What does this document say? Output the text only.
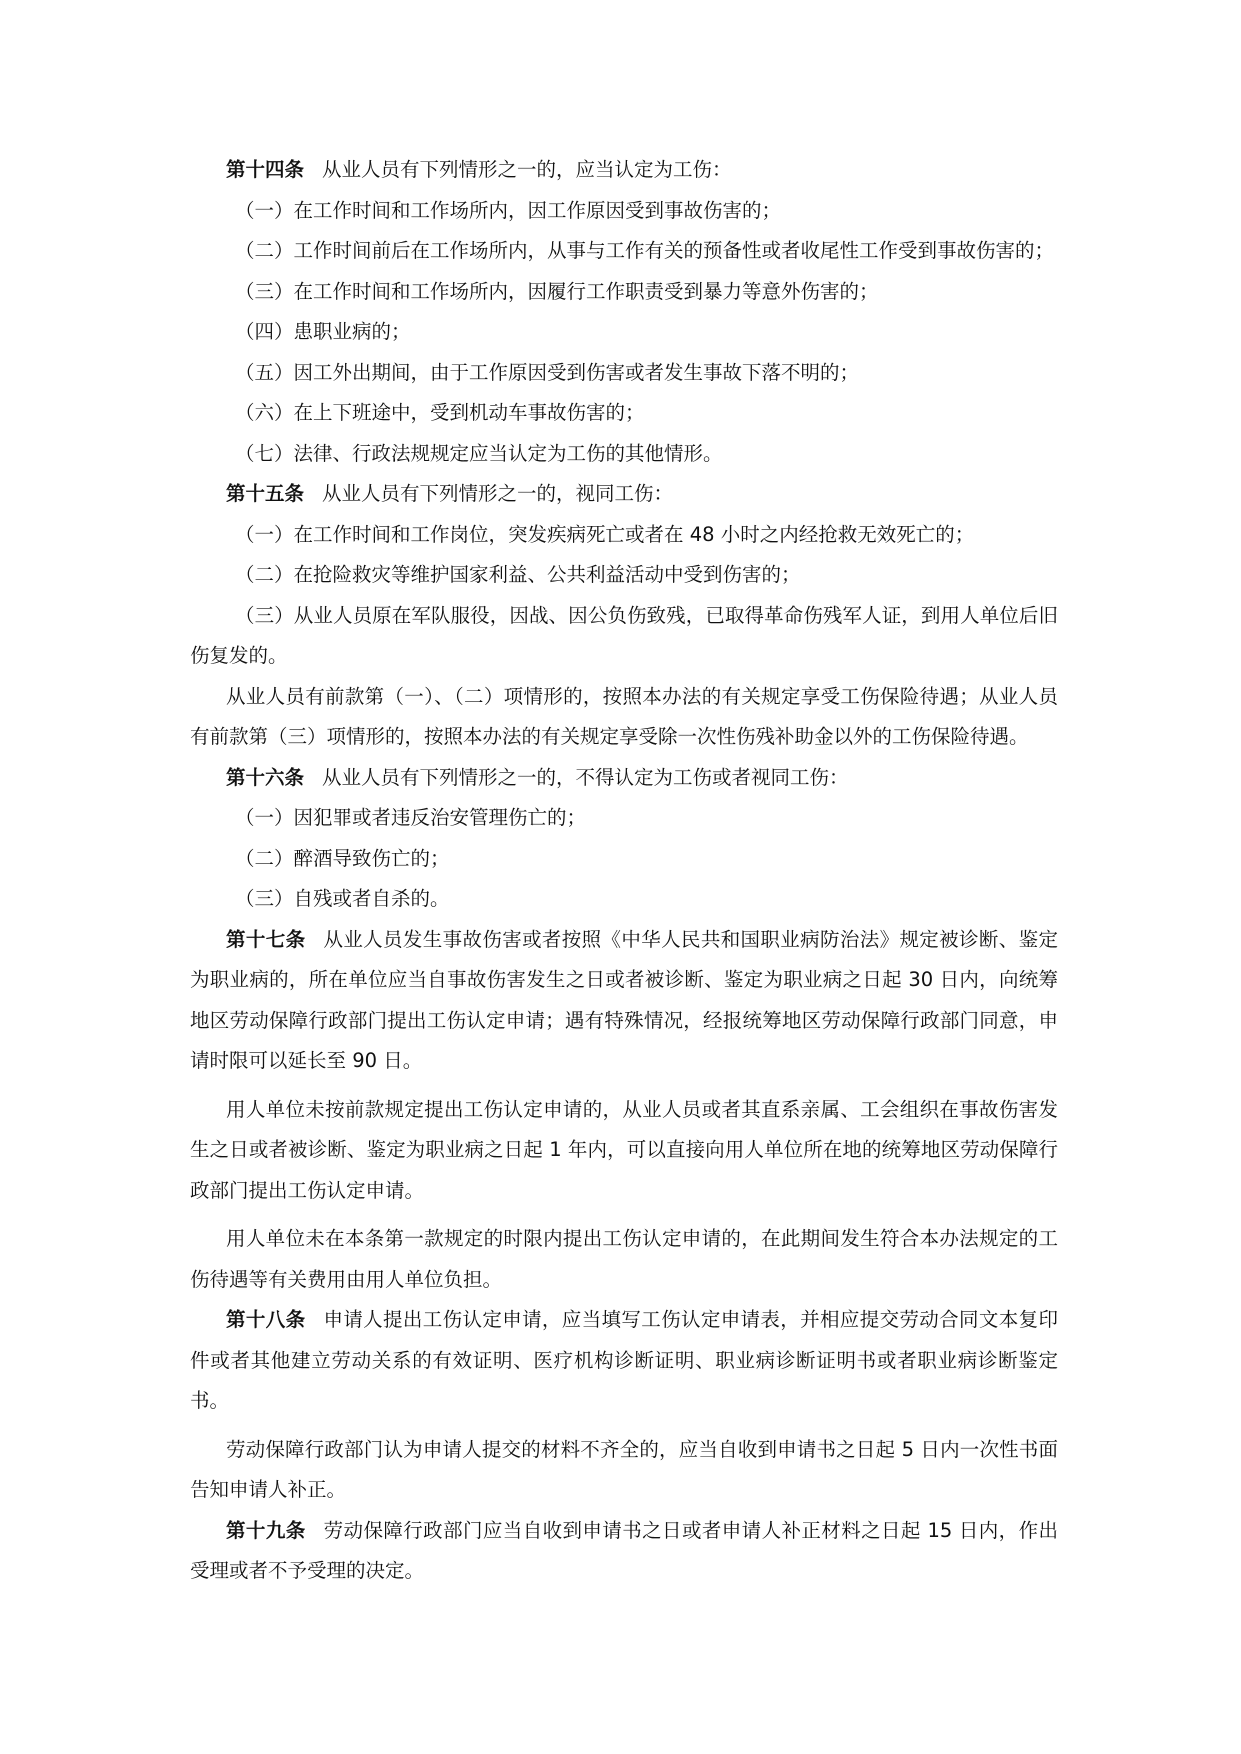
第十四条 从业人员有下列情形之一的，应当认定为工伤：

（一）在工作时间和工作场所内，因工作原因受到事故伤害的；

（二）工作时间前后在工作场所内，从事与工作有关的预备性或者收尾性工作受到事故伤害的；

（三）在工作时间和工作场所内，因履行工作职责受到暴力等意外伤害的；

（四）患职业病的；

（五）因工外出期间，由于工作原因受到伤害或者发生事故下落不明的；

（六）在上下班途中，受到机动车事故伤害的；

（七）法律、行政法规规定应当认定为工伤的其他情形。

第十五条 从业人员有下列情形之一的，视同工伤：

（一）在工作时间和工作岗位，突发疾病死亡或者在 48 小时之内经抢救无效死亡的；

（二）在抢险救灾等维护国家利益、公共利益活动中受到伤害的；

（三）从业人员原在军队服役，因战、因公负伤致残，已取得革命伤残军人证，到用人单位后旧伤复发的。

从业人员有前款第（一）、（二）项情形的，按照本办法的有关规定享受工伤保险待遇；从业人员有前款第（三）项情形的，按照本办法的有关规定享受除一次性伤残补助金以外的工伤保险待遇。

第十六条 从业人员有下列情形之一的，不得认定为工伤或者视同工伤：

（一）因犯罪或者违反治安管理伤亡的；

（二）醉酒导致伤亡的；

（三）自残或者自杀的。

第十七条 从业人员发生事故伤害或者按照《中华人民共和国职业病防治法》规定被诊断、鉴定为职业病的，所在单位应当自事故伤害发生之日或者被诊断、鉴定为职业病之日起 30 日内，向统筹地区劳动保障行政部门提出工伤认定申请；遇有特殊情况，经报统筹地区劳动保障行政部门同意，申请时限可以延长至 90 日。

用人单位未按前款规定提出工伤认定申请的，从业人员或者其直系亲属、工会组织在事故伤害发生之日或者被诊断、鉴定为职业病之日起 1 年内，可以直接向用人单位所在地的统筹地区劳动保障行政部门提出工伤认定申请。

用人单位未在本条第一款规定的时限内提出工伤认定申请的，在此期间发生符合本办法规定的工伤待遇等有关费用由用人单位负担。

第十八条 申请人提出工伤认定申请，应当填写工伤认定申请表，并相应提交劳动合同文本复印件或者其他建立劳动关系的有效证明、医疗机构诊断证明、职业病诊断证明书或者职业病诊断鉴定书。

劳动保障行政部门认为申请人提交的材料不齐全的，应当自收到申请书之日起 5 日内一次性书面告知申请人补正。

第十九条 劳动保障行政部门应当自收到申请书之日或者申请人补正材料之日起 15 日内，作出受理或者不予受理的决定。
